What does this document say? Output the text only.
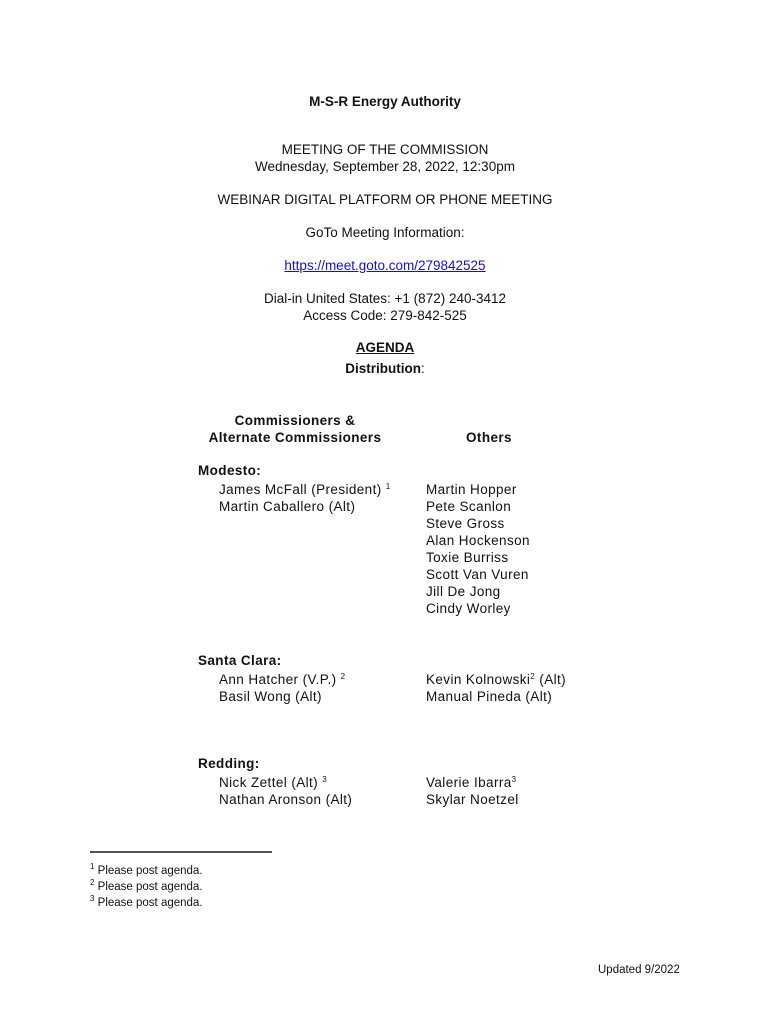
M-S-R Energy Authority
MEETING OF THE COMMISSION
Wednesday, September 28, 2022, 12:30pm
WEBINAR DIGITAL PLATFORM OR PHONE MEETING
GoTo Meeting Information:
https://meet.goto.com/279842525
Dial-in United States: +1 (872) 240-3412
Access Code: 279-842-525
AGENDA
Distribution:
Commissioners &
Alternate Commissioners	Others
Modesto:
James McFall (President) $^1$
Martin Caballero (Alt)
Martin Hopper
Pete Scanlon
Steve Gross
Alan Hockenson
Toxie Burriss
Scott Van Vuren
Jill De Jong
Cindy Worley
Santa Clara:
Ann Hatcher (V.P.) $^2$
Basil Wong (Alt)
Kevin Kolnowski$^2$ (Alt)
Manual Pineda (Alt)
Redding:
Nick Zettel (Alt) $^3$
Nathan Aronson (Alt)
Valerie Ibarra$^3$
Skylar Noetzel
$^1$ Please post agenda.
$^2$ Please post agenda.
$^3$ Please post agenda.
Updated 9/2022
